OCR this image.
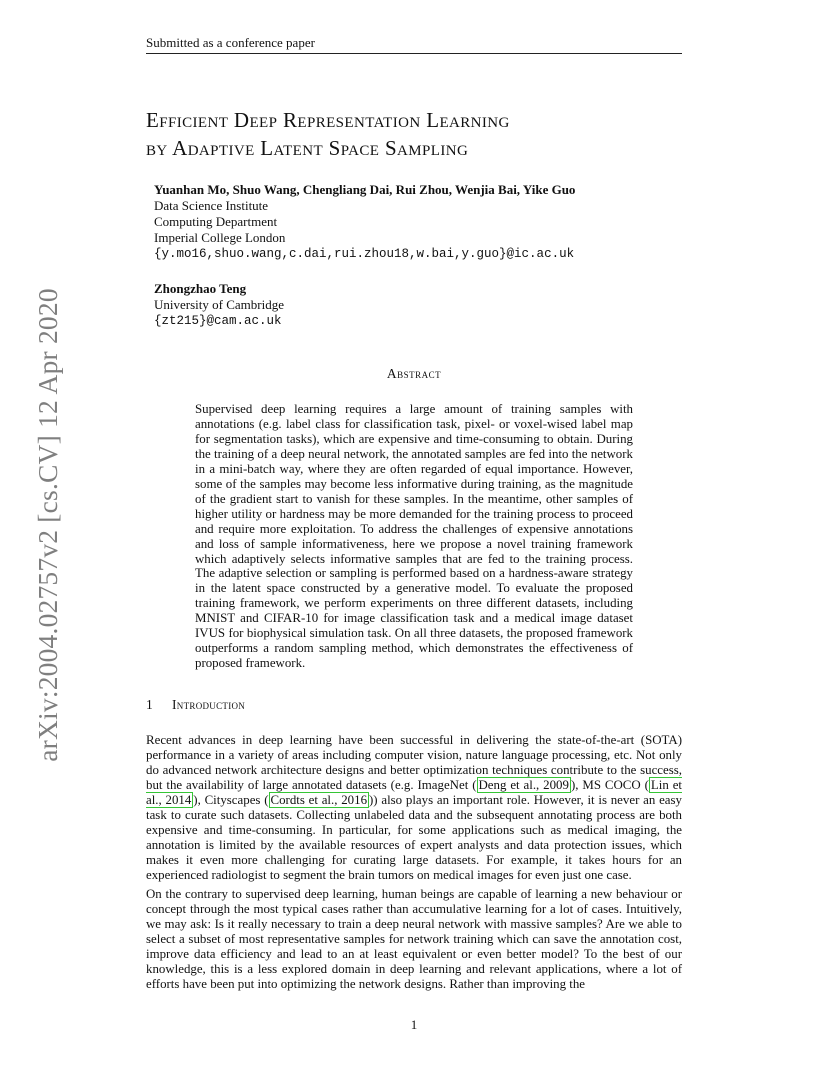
Submitted as a conference paper
Efficient Deep Representation Learning
by Adaptive Latent Space Sampling
Yuanhan Mo, Shuo Wang, Chengliang Dai, Rui Zhou, Wenjia Bai, Yike Guo
Data Science Institute
Computing Department
Imperial College London
{y.mo16,shuo.wang,c.dai,rui.zhou18,w.bai,y.guo}@ic.ac.uk
Zhongzhao Teng
University of Cambridge
{zt215}@cam.ac.uk
arXiv:2004.02757v2 [cs.CV] 12 Apr 2020	Abstract
Supervised deep learning requires a large amount of training samples with annotations (e.g. label class for classification task, pixel- or voxel-wised label map for segmentation tasks), which are expensive and time-consuming to obtain. During the training of a deep neural network, the annotated samples are fed into the network in a mini-batch way, where they are often regarded of equal importance. However, some of the samples may become less informative during training, as the magnitude of the gradient start to vanish for these samples. In the meantime, other samples of higher utility or hardness may be more demanded for the training process to proceed and require more exploitation. To address the challenges of expensive annotations and loss of sample informativeness, here we propose a novel training framework which adaptively selects informative samples that are fed to the training process. The adaptive selection or sampling is performed based on a hardness-aware strategy in the latent space constructed by a generative model. To evaluate the proposed training framework, we perform experiments on three different datasets, including MNIST and CIFAR-10 for image classification task and a medical image dataset IVUS for biophysical simulation task. On all three datasets, the proposed framework outperforms a random sampling method, which demonstrates the effectiveness of proposed framework.
1 Introduction
Recent advances in deep learning have been successful in delivering the state-of-the-art (SOTA) performance in a variety of areas including computer vision, nature language processing, etc. Not only do advanced network architecture designs and better optimization techniques contribute to the success, but the availability of large annotated datasets (e.g. ImageNet ( Deng et al., 2009 ), MS COCO ( Lin et al., 2014 ), Cityscapes ( Cordts et al., 2016 )) also plays an important role. However, it is never an easy task to curate such datasets. Collecting unlabeled data and the subsequent annotating process are both expensive and time-consuming. In particular, for some applications such as medical imaging, the annotation is limited by the available resources of expert analysts and data protection issues, which makes it even more challenging for curating large datasets. For example, it takes hours for an experienced radiologist to segment the brain tumors on medical images for even just one case.
On the contrary to supervised deep learning, human beings are capable of learning a new behaviour or concept through the most typical cases rather than accumulative learning for a lot of cases. Intuitively, we may ask: Is it really necessary to train a deep neural network with massive samples? Are we able to select a subset of most representative samples for network training which can save the annotation cost, improve data efficiency and lead to an at least equivalent or even better model? To the best of our knowledge, this is a less explored domain in deep learning and relevant applications, where a lot of efforts have been put into optimizing the network designs. Rather than improving the
1
